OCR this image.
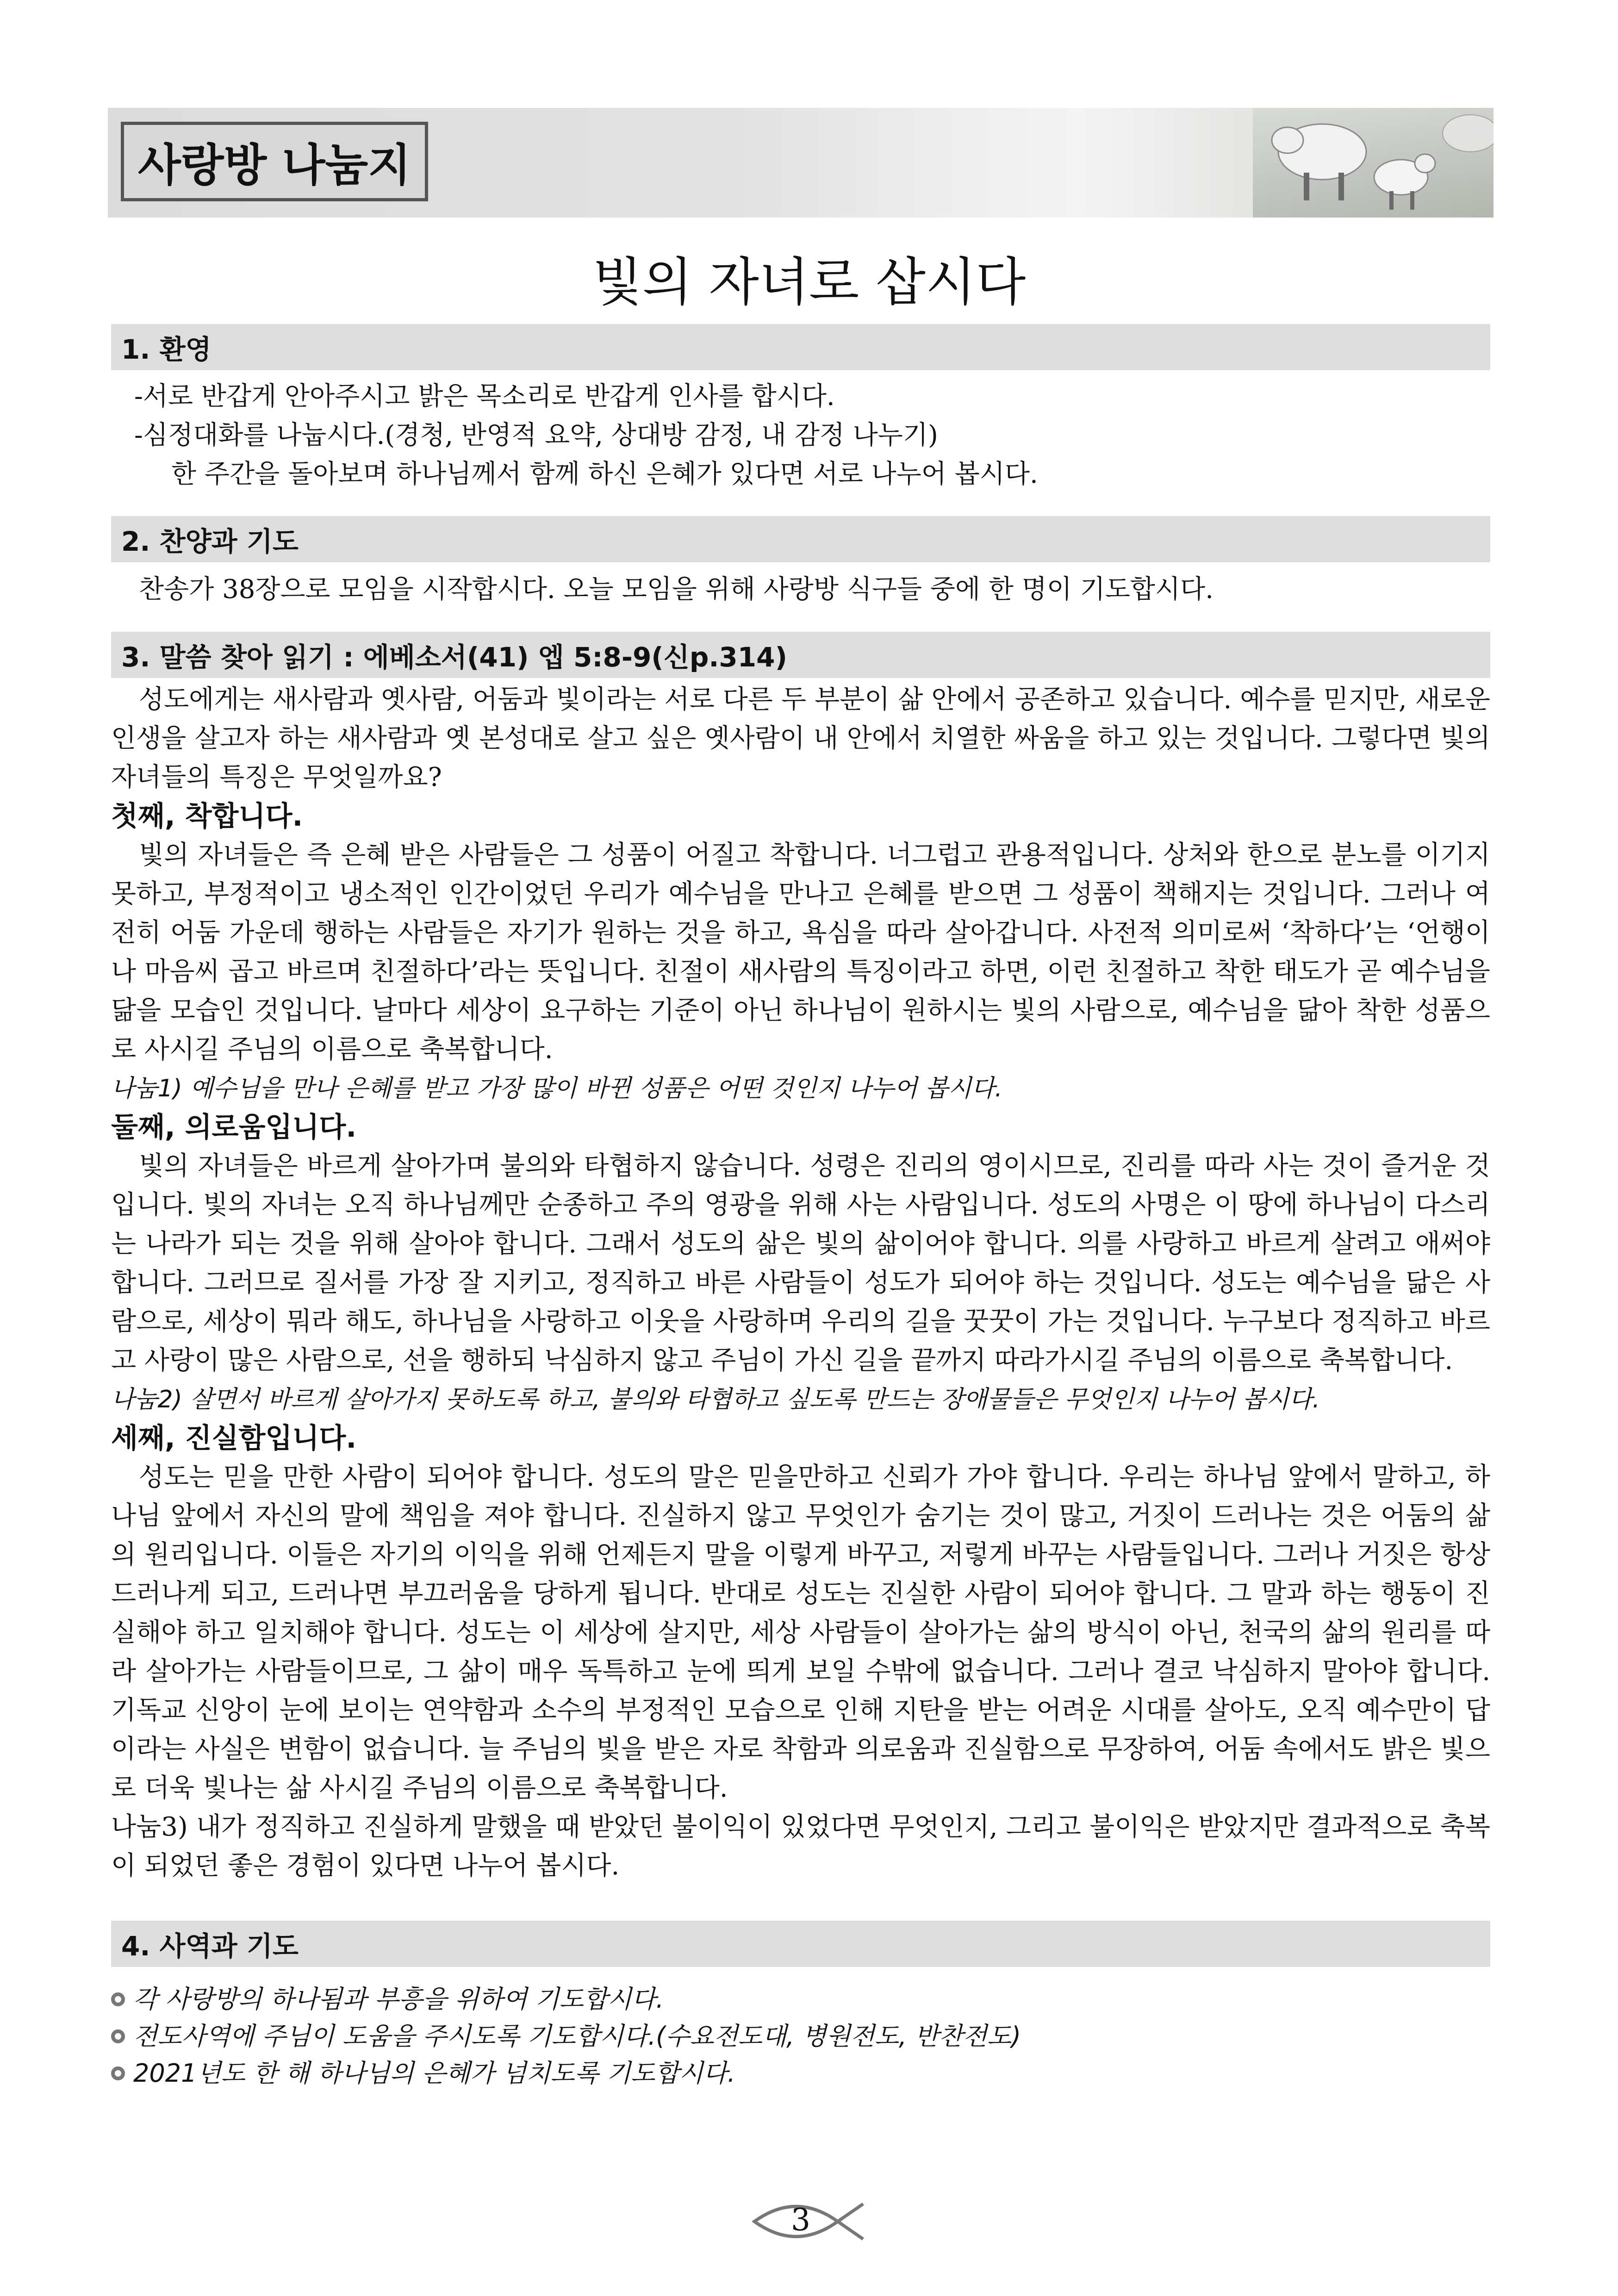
사랑방 나눔지
빛의 자녀로 삽시다
1. 환영
-서로 반갑게 안아주시고 밝은 목소리로 반갑게 인사를 합시다.
-심정대화를 나눕시다.(경청, 반영적 요약, 상대방 감정, 내 감정 나누기)
한 주간을 돌아보며 하나님께서 함께 하신 은혜가 있다면 서로 나누어 봅시다.
2. 찬양과 기도
찬송가 38장으로 모임을 시작합시다. 오늘 모임을 위해 사랑방 식구들 중에 한 명이 기도합시다.
3. 말씀 찾아 읽기 : 에베소서(41) 엡 5:8-9(신p.314)

성도에게는 새사람과 옛사람, 어둠과 빛이라는 서로 다른 두 부분이 삶 안에서 공존하고 있습니다. 예수를 믿지만, 새로운 인생을 살고자 하는 새사람과 옛 본성대로 살고 싶은 옛사람이 내 안에서 치열한 싸움을 하고 있는 것입니다. 그렇다면 빛의 자녀들의 특징은 무엇일까요?

첫째, 착합니다.

빛의 자녀들은 즉 은혜 받은 사람들은 그 성품이 어질고 착합니다. 너그럽고 관용적입니다. 상처와 한으로 분노를 이기지 못하고, 부정적이고 냉소적인 인간이었던 우리가 예수님을 만나고 은혜를 받으면 그 성품이 책해지는 것입니다. 그러나 여전히 어둠 가운데 행하는 사람들은 자기가 원하는 것을 하고, 욕심을 따라 살아갑니다. 사전적 의미로써 ‘착하다’는 ‘언행이나 마음씨 곱고 바르며 친절하다’라는 뜻입니다. 친절이 새사람의 특징이라고 하면, 이런 친절하고 착한 태도가 곧 예수님을 닮을 모습인 것입니다. 날마다 세상이 요구하는 기준이 아닌 하나님이 원하시는 빛의 사람으로, 예수님을 닮아 착한 성품으로 사시길 주님의 이름으로 축복합니다.

나눔1) 예수님을 만나 은혜를 받고 가장 많이 바뀐 성품은 어떤 것인지 나누어 봅시다.

둘째, 의로움입니다.

빛의 자녀들은 바르게 살아가며 불의와 타협하지 않습니다. 성령은 진리의 영이시므로, 진리를 따라 사는 것이 즐거운 것입니다. 빛의 자녀는 오직 하나님께만 순종하고 주의 영광을 위해 사는 사람입니다. 성도의 사명은 이 땅에 하나님이 다스리는 나라가 되는 것을 위해 살아야 합니다. 그래서 성도의 삶은 빛의 삶이어야 합니다. 의를 사랑하고 바르게 살려고 애써야 합니다. 그러므로 질서를 가장 잘 지키고, 정직하고 바른 사람들이 성도가 되어야 하는 것입니다. 성도는 예수님을 닮은 사람으로, 세상이 뭐라 해도, 하나님을 사랑하고 이웃을 사랑하며 우리의 길을 꿋꿋이 가는 것입니다. 누구보다 정직하고 바르고 사랑이 많은 사람으로, 선을 행하되 낙심하지 않고 주님이 가신 길을 끝까지 따라가시길 주님의 이름으로 축복합니다.

나눔2) 살면서 바르게 살아가지 못하도록 하고, 불의와 타협하고 싶도록 만드는 장애물들은 무엇인지 나누어 봅시다.

세째, 진실함입니다.

성도는 믿을 만한 사람이 되어야 합니다. 성도의 말은 믿을만하고 신뢰가 가야 합니다. 우리는 하나님 앞에서 말하고, 하나님 앞에서 자신의 말에 책임을 져야 합니다. 진실하지 않고 무엇인가 숨기는 것이 많고, 거짓이 드러나는 것은 어둠의 삶의 원리입니다. 이들은 자기의 이익을 위해 언제든지 말을 이렇게 바꾸고, 저렇게 바꾸는 사람들입니다. 그러나 거짓은 항상 드러나게 되고, 드러나면 부끄러움을 당하게 됩니다. 반대로 성도는 진실한 사람이 되어야 합니다. 그 말과 하는 행동이 진실해야 하고 일치해야 합니다. 성도는 이 세상에 살지만, 세상 사람들이 살아가는 삶의 방식이 아닌, 천국의 삶의 원리를 따라 살아가는 사람들이므로, 그 삶이 매우 독특하고 눈에 띄게 보일 수밖에 없습니다. 그러나 결코 낙심하지 말아야 합니다. 기독교 신앙이 눈에 보이는 연약함과 소수의 부정적인 모습으로 인해 지탄을 받는 어려운 시대를 살아도, 오직 예수만이 답이라는 사실은 변함이 없습니다. 늘 주님의 빛을 받은 자로 착함과 의로움과 진실함으로 무장하여, 어둠 속에서도 밝은 빛으로 더욱 빛나는 삶 사시길 주님의 이름으로 축복합니다.

나눔3) 내가 정직하고 진실하게 말했을 때 받았던 불이익이 있었다면 무엇인지, 그리고 불이익은 받았지만 결과적으로 축복이 되었던 좋은 경험이 있다면 나누어 봅시다.

4. 사역과 기도
각 사랑방의 하나됨과 부흥을 위하여 기도합시다.
전도사역에 주님이 도움을 주시도록 기도합시다.(수요전도대, 병원전도, 반찬전도)
2021년도 한 해 하나님의 은혜가 넘치도록 기도합시다.
3
